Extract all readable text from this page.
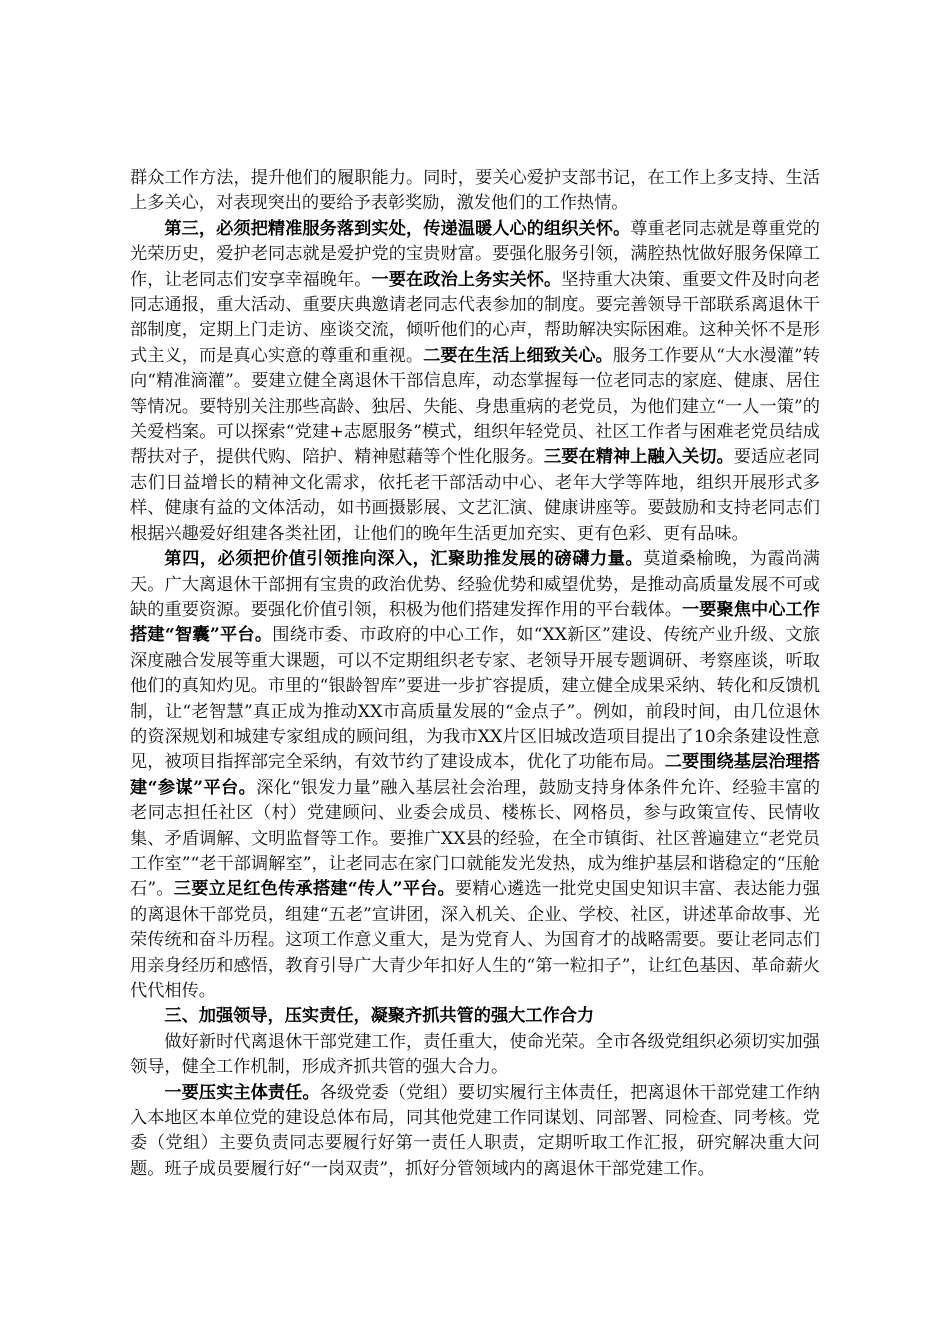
群众工作方法，提升他们的履职能力。同时，要关心爱护支部书记，在工作上多支持、生活上多关心，对表现突出的要给予表彰奖励，激发他们的工作热情。

第三，必须把精准服务落到实处，传递温暖人心的组织关怀。尊重老同志就是尊重党的光荣历史，爱护老同志就是爱护党的宝贵财富。要强化服务引领，满腔热忱做好服务保障工作，让老同志们安享幸福晚年。一要在政治上务实关怀。坚持重大决策、重要文件及时向老同志通报，重大活动、重要庆典邀请老同志代表参加的制度。要完善领导干部联系离退休干部制度，定期上门走访、座谈交流，倾听他们的心声，帮助解决实际困难。这种关怀不是形式主义，而是真心实意的尊重和重视。二要在生活上细致关心。服务工作要从“大水漫灌”转向“精准滴灌”。要建立健全离退休干部信息库，动态掌握每一位老同志的家庭、健康、居住等情况。要特别关注那些高龄、独居、失能、身患重病的老党员，为他们建立“一人一策”的关爱档案。可以探索“党建+志愿服务”模式，组织年轻党员、社区工作者与困难老党员结成帮扶对子，提供代购、陪护、精神慰藉等个性化服务。三要在精神上融入关切。要适应老同志们日益增长的精神文化需求，依托老干部活动中心、老年大学等阵地，组织开展形式多样、健康有益的文体活动，如书画摄影展、文艺汇演、健康讲座等。要鼓励和支持老同志们根据兴趣爱好组建各类社团，让他们的晚年生活更加充实、更有色彩、更有品味。

第四，必须把价值引领推向深入，汇聚助推发展的磅礴力量。莫道桑榆晚，为霞尚满天。广大离退休干部拥有宝贵的政治优势、经验优势和威望优势，是推动高质量发展不可或缺的重要资源。要强化价值引领，积极为他们搭建发挥作用的平台载体。一要聚焦中心工作搭建“智囊”平台。围绕市委、市政府的中心工作，如“XX新区”建设、传统产业升级、文旅深度融合发展等重大课题，可以不定期组织老专家、老领导开展专题调研、考察座谈，听取他们的真知灼见。市里的“银龄智库”要进一步扩容提质，建立健全成果采纳、转化和反馈机制，让“老智慧”真正成为推动XX市高质量发展的“金点子”。例如，前段时间，由几位退休的资深规划和城建专家组成的顾问组，为我市XX片区旧城改造项目提出了10余条建设性意见，被项目指挥部完全采纳，有效节约了建设成本，优化了功能布局。二要围绕基层治理搭建“参谋”平台。深化“银发力量”融入基层社会治理，鼓励支持身体条件允许、经验丰富的老同志担任社区（村）党建顾问、业委会成员、楼栋长、网格员，参与政策宣传、民情收集、矛盾调解、文明监督等工作。要推广XX县的经验，在全市镇街、社区普遍建立“老党员工作室”“老干部调解室”，让老同志在家门口就能发光发热，成为维护基层和谐稳定的“压舱石”。三要立足红色传承搭建“传人”平台。要精心遴选一批党史国史知识丰富、表达能力强的离退休干部党员，组建“五老”宣讲团，深入机关、企业、学校、社区，讲述革命故事、光荣传统和奋斗历程。这项工作意义重大，是为党育人、为国育才的战略需要。要让老同志们用亲身经历和感悟，教育引导广大青少年扣好人生的“第一粒扣子”，让红色基因、革命薪火代代相传。

三、加强领导，压实责任，凝聚齐抓共管的强大工作合力

做好新时代离退休干部党建工作，责任重大，使命光荣。全市各级党组织必须切实加强领导，健全工作机制，形成齐抓共管的强大合力。

一要压实主体责任。各级党委（党组）要切实履行主体责任，把离退休干部党建工作纳入本地区本单位党的建设总体布局，同其他党建工作同谋划、同部署、同检查、同考核。党委（党组）主要负责同志要履行好第一责任人职责，定期听取工作汇报，研究解决重大问题。班子成员要履行好“一岗双责”，抓好分管领域内的离退休干部党建工作。
